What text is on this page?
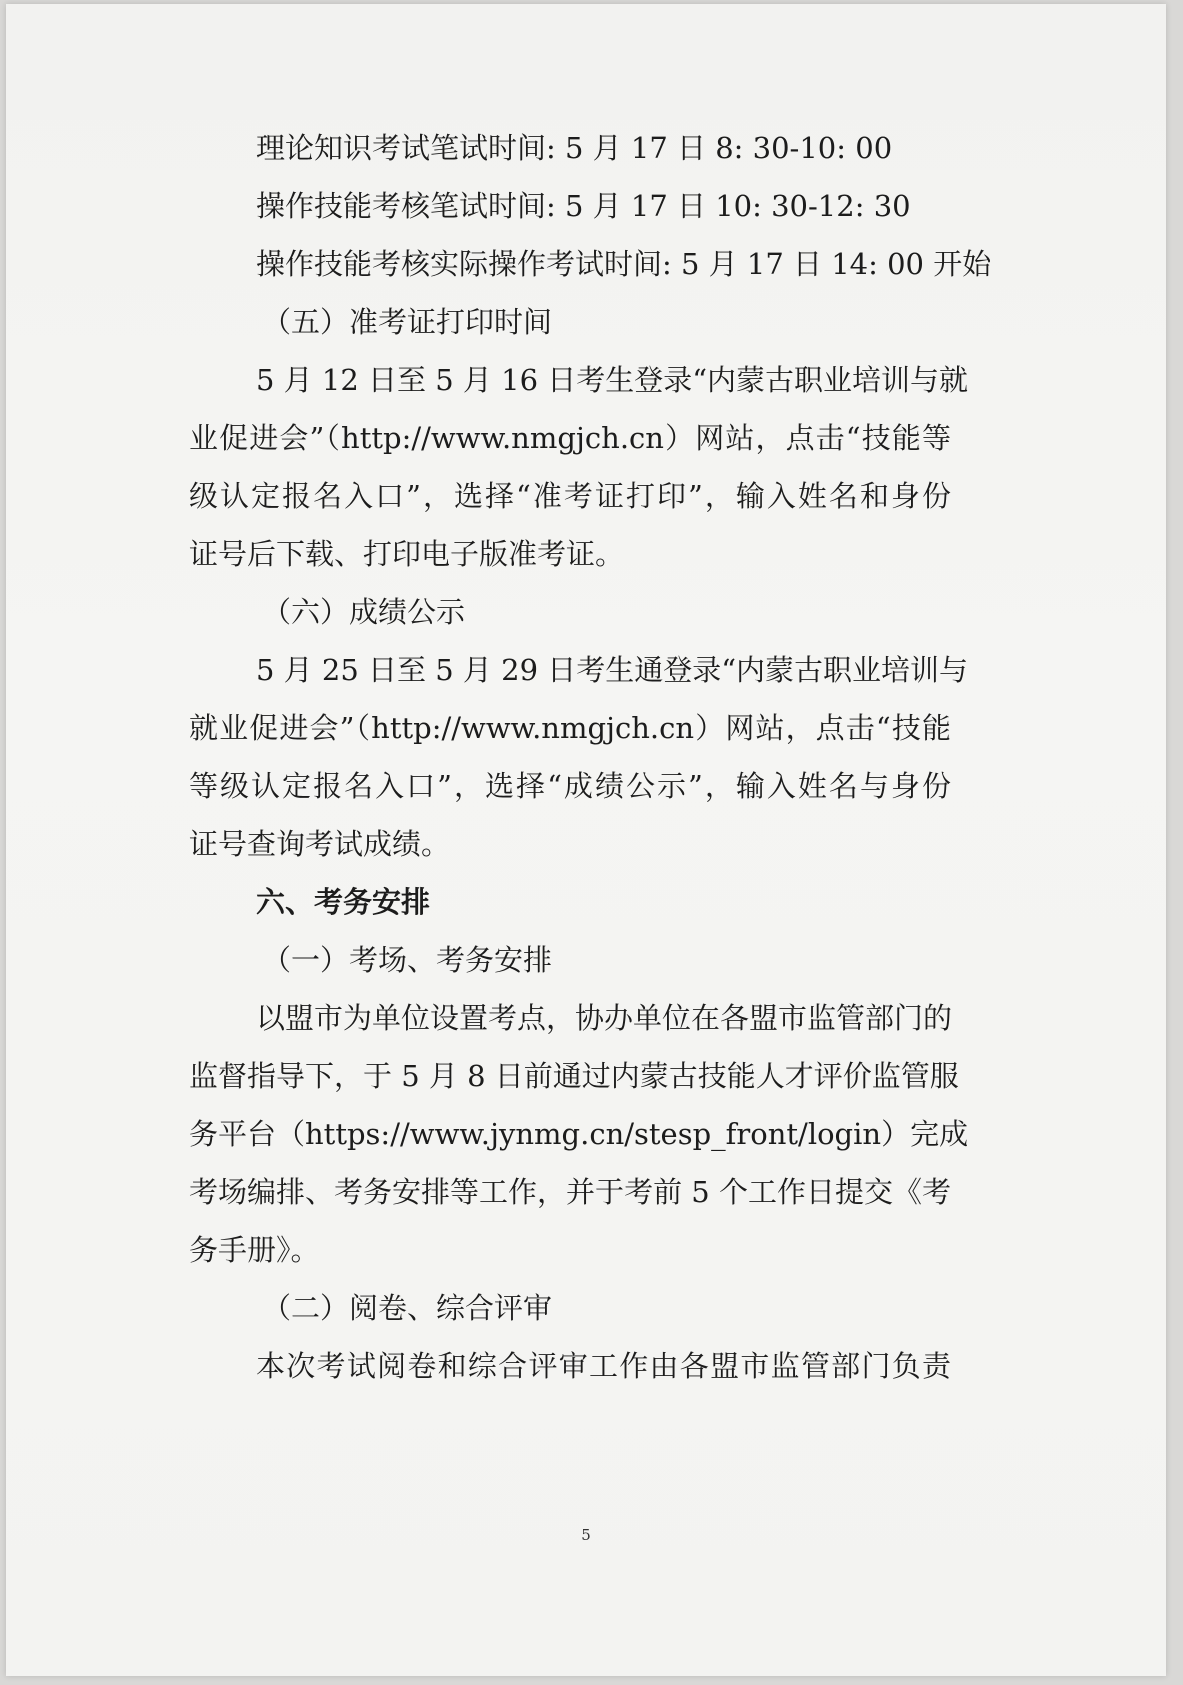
理论知识考试笔试时间: 5 月 17 日 8: 30-10: 00

操作技能考核笔试时间: 5 月 17 日 10: 30-12: 30

操作技能考核实际操作考试时间: 5 月 17 日 14: 00 开始

（五）准考证打印时间

5 月 12 日至 5 月 16 日考生登录“内蒙古职业培训与就

业促进会”（http://www.nmgjch.cn）网站，点击“技能等

级认定报名入口”，选择“准考证打印”，输入姓名和身份

证号后下载、打印电子版准考证。

（六）成绩公示

5 月 25 日至 5 月 29 日考生通登录“内蒙古职业培训与

就业促进会”（http://www.nmgjch.cn）网站，点击“技能

等级认定报名入口”，选择“成绩公示”，输入姓名与身份

证号查询考试成绩。

六、考务安排

（一）考场、考务安排

以盟市为单位设置考点，协办单位在各盟市监管部门的

监督指导下，于 5 月 8 日前通过内蒙古技能人才评价监管服

务平台（https://www.jynmg.cn/stesp_front/login）完成

考场编排、考务安排等工作，并于考前 5 个工作日提交《考

务手册》。

（二）阅卷、综合评审

本次考试阅卷和综合评审工作由各盟市监管部门负责

5
